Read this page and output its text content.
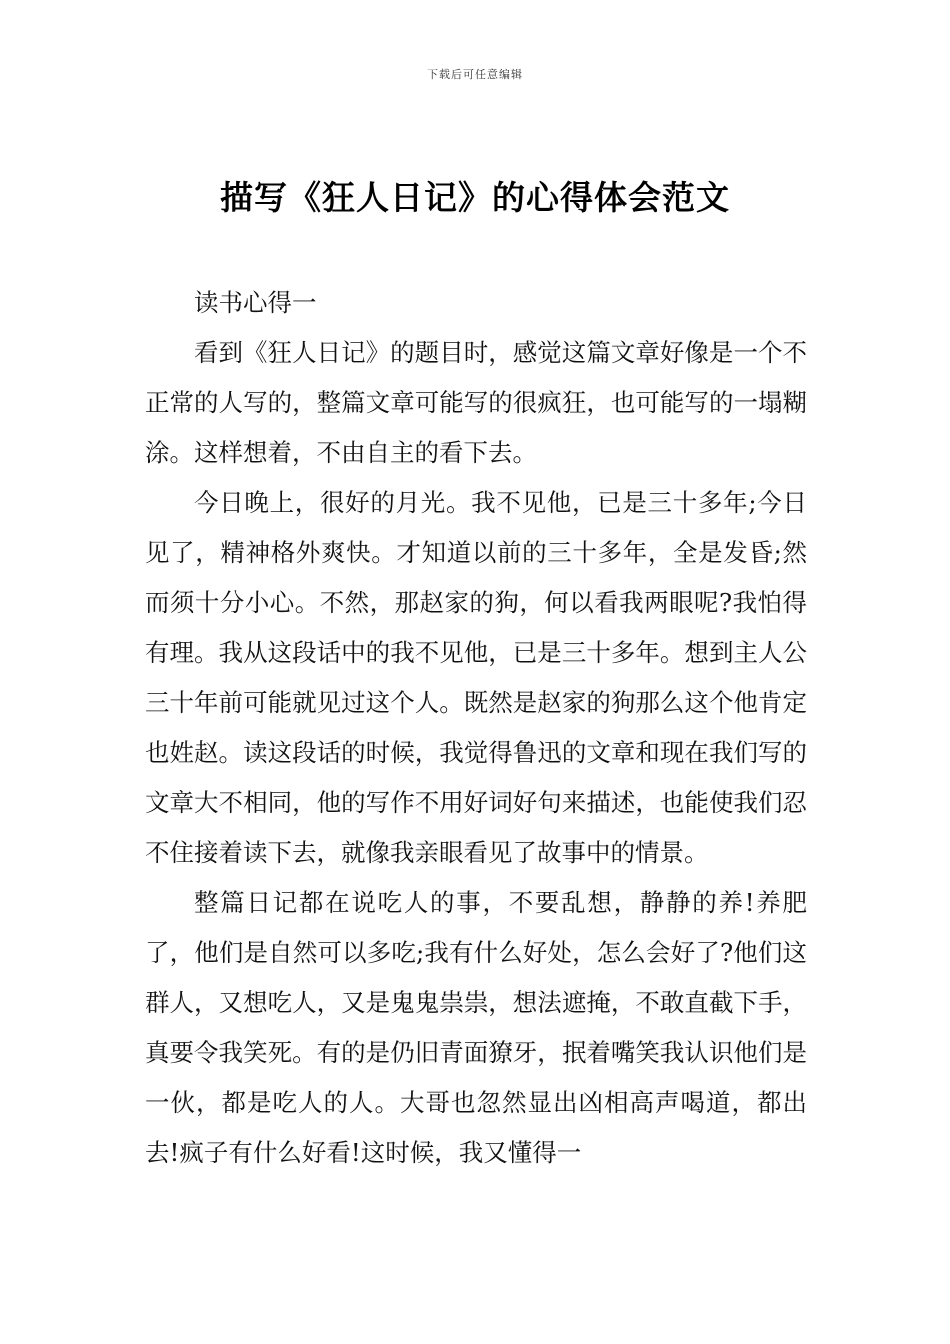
下载后可任意编辑
描写《狂人日记》的心得体会范文

读书心得一

看到《狂人日记》的题目时，感觉这篇文章好像是一个不正常的人写的，整篇文章可能写的很疯狂，也可能写的一塌糊涂。这样想着，不由自主的看下去。

今日晚上，很好的月光。我不见他，已是三十多年;今日见了，精神格外爽快。才知道以前的三十多年，全是发昏;然而须十分小心。不然，那赵家的狗，何以看我两眼呢?我怕得有理。我从这段话中的我不见他，已是三十多年。想到主人公三十年前可能就见过这个人。既然是赵家的狗那么这个他肯定也姓赵。读这段话的时候，我觉得鲁迅的文章和现在我们写的文章大不相同，他的写作不用好词好句来描述，也能使我们忍不住接着读下去，就像我亲眼看见了故事中的情景。

整篇日记都在说吃人的事，不要乱想，静静的养!养肥了，他们是自然可以多吃;我有什么好处，怎么会好了?他们这群人，又想吃人，又是鬼鬼祟祟，想法遮掩，不敢直截下手，真要令我笑死。有的是仍旧青面獠牙，抿着嘴笑我认识他们是一伙，都是吃人的人。大哥也忽然显出凶相高声喝道，都出去!疯子有什么好看!这时候，我又懂得一
